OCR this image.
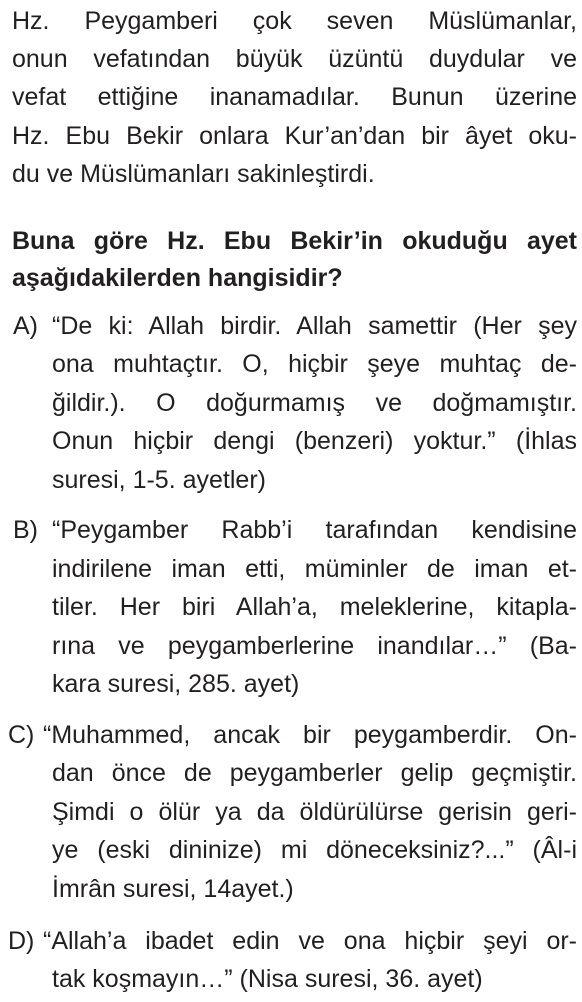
Hz. Peygamberi çok seven Müslümanlar,
onun vefatından büyük üzüntü duydular ve
vefat ettiğine inanamadılar. Bunun üzerine
Hz. Ebu Bekir onlara Kur’an’dan bir âyet oku-
du ve Müslümanları sakinleştirdi.
Buna göre Hz. Ebu Bekir’in okuduğu ayet
aşağıdakilerden hangisidir?
A) “De ki: Allah birdir. Allah samettir (Her şey
ona muhtaçtır. O, hiçbir şeye muhtaç de-
ğildir.). O doğurmamış ve doğmamıştır.
Onun hiçbir dengi (benzeri) yoktur.” (İhlas
suresi, 1-5. ayetler)
B) “Peygamber Rabb’i tarafından kendisine
indirilene iman etti, müminler de iman et-
tiler. Her biri Allah’a, meleklerine, kitapla-
rına ve peygamberlerine inandılar…” (Ba-
kara suresi, 285. ayet)
C) “Muhammed, ancak bir peygamberdir. On-
dan önce de peygamberler gelip geçmiştir.
Şimdi o ölür ya da öldürülürse gerisin geri-
ye (eski dininize) mi döneceksiniz?...” (Âl-i
İmrân suresi, 14ayet.)
D) “Allah’a ibadet edin ve ona hiçbir şeyi or-
tak koşmayın…” (Nisa suresi, 36. ayet)
